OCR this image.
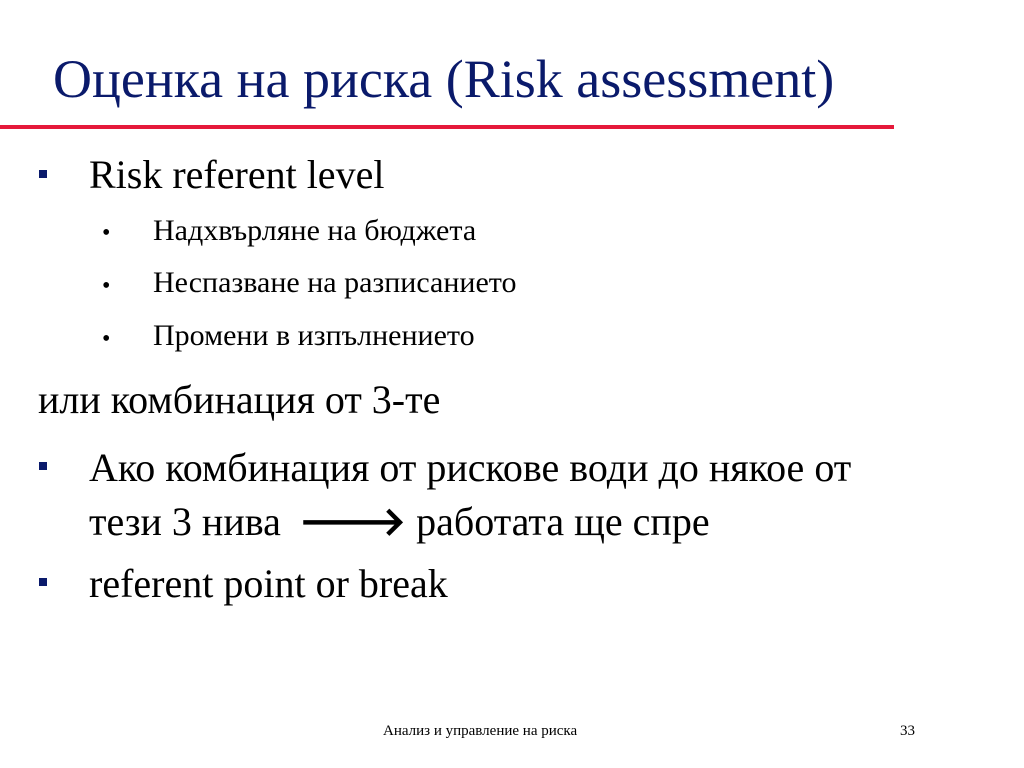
Оценка на риска (Risk assessment)
Risk referent level
• Надхвърляне на бюджета
• Неспазване на разписанието
• Промени в изпълнението
или комбинация от 3-те
Ако комбинация от рискове води до някое от
тези 3 нива 🡒 работата ще спре
referent point or break
Анализ и управление на риска	33
